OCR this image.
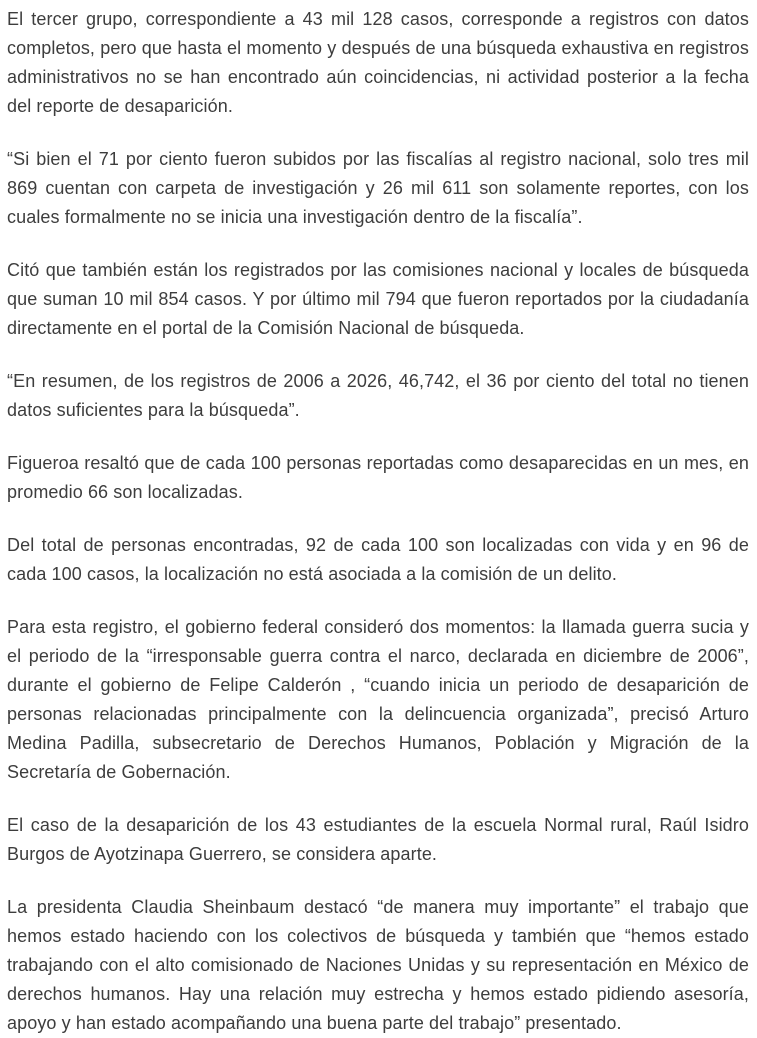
El tercer grupo, correspondiente a 43 mil 128 casos, corresponde a registros con datos completos, pero que hasta el momento y después de una búsqueda exhaustiva en registros administrativos no se han encontrado aún coincidencias, ni actividad posterior a la fecha del reporte de desaparición.

“Si bien el 71 por ciento fueron subidos por las fiscalías al registro nacional, solo tres mil 869 cuentan con carpeta de investigación y 26 mil 611 son solamente reportes, con los cuales formalmente no se inicia una investigación dentro de la fiscalía”.

Citó que también están los registrados por las comisiones nacional y locales de búsqueda que suman 10 mil 854 casos. Y por último mil 794 que fueron reportados por la ciudadanía directamente en el portal de la Comisión Nacional de búsqueda.

“En resumen, de los registros de 2006 a 2026, 46,742, el 36 por ciento del total no tienen datos suficientes para la búsqueda”.

Figueroa resaltó que de cada 100 personas reportadas como desaparecidas en un mes, en promedio 66 son localizadas.

Del total de personas encontradas, 92 de cada 100 son localizadas con vida y en 96 de cada 100 casos, la localización no está asociada a la comisión de un delito.

Para esta registro, el gobierno federal consideró dos momentos: la llamada guerra sucia y el periodo de la “irresponsable guerra contra el narco, declarada en diciembre de 2006”, durante el gobierno de Felipe Calderón , “cuando inicia un periodo de desaparición de personas relacionadas principalmente con la delincuencia organizada”, precisó Arturo Medina Padilla, subsecretario de Derechos Humanos, Población y Migración de la Secretaría de Gobernación.

El caso de la desaparición de los 43 estudiantes de la escuela Normal rural, Raúl Isidro Burgos de Ayotzinapa Guerrero, se considera aparte.

La presidenta Claudia Sheinbaum destacó “de manera muy importante” el trabajo que hemos estado haciendo con los colectivos de búsqueda y también que “hemos estado trabajando con el alto comisionado de Naciones Unidas y su representación en México de derechos humanos. Hay una relación muy estrecha y hemos estado pidiendo asesoría, apoyo y han estado acompañando una buena parte del trabajo” presentado.
